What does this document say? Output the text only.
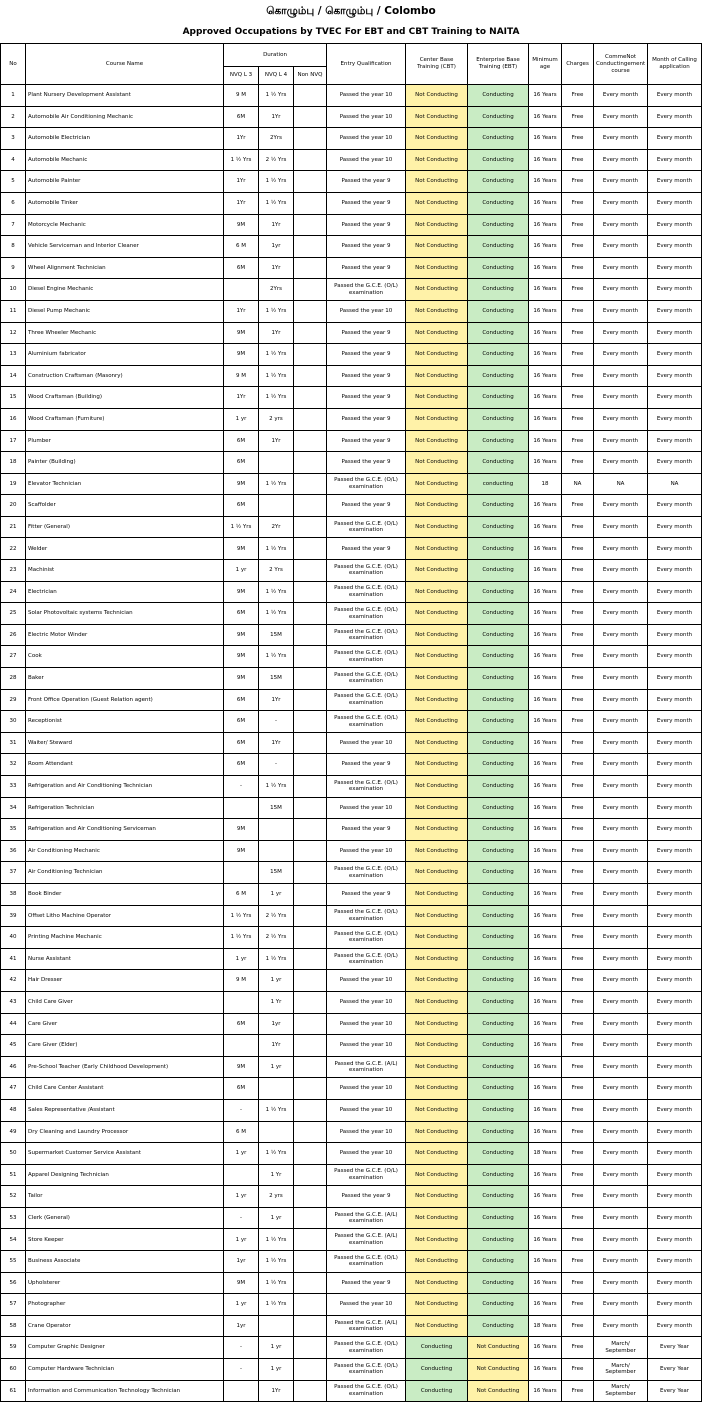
கொழும்பு / கொழும்பு / Colombo
Approved Occupations by TVEC For EBT and CBT Training to NAITA
No	Course Name	Duration			Entry Qualification	Center Base Training (CBT)	Enterprise Base Training (EBT)	Minimum age	Charges	CommeNot Conductingement course	Month of Calling application
		NVQ L 3	NVQ L 4	Non NVQ							
1	Plant Nursery Development Assistant	9 M	1 ½ Yrs		Passed the year 10	Not Conducting	Conducting	16 Years	Free	Every month	Every month
2	Automobile Air Conditioning Mechanic	6M	1Yr		Passed the year 10	Not Conducting	Conducting	16 Years	Free	Every month	Every month
3	Automobile Electrician	1Yr	2Yrs		Passed the year 10	Not Conducting	Conducting	16 Years	Free	Every month	Every month
4	Automobile Mechanic	1 ½ Yrs	2 ½ Yrs		Passed the year 10	Not Conducting	Conducting	16 Years	Free	Every month	Every month
5	Automobile Painter	1Yr	1 ½ Yrs		Passed the year 9	Not Conducting	Conducting	16 Years	Free	Every month	Every month
6	Automobile Tinker	1Yr	1 ½ Yrs		Passed the year 9	Not Conducting	Conducting	16 Years	Free	Every month	Every month
7	Motorcycle Mechanic	9M	1Yr		Passed the year 9	Not Conducting	Conducting	16 Years	Free	Every month	Every month
8	Vehicle Serviceman and Interior Cleaner	6 M	1yr		Passed the year 9	Not Conducting	Conducting	16 Years	Free	Every month	Every month
9	Wheel Alignment Technician	6M	1Yr		Passed the year 9	Not Conducting	Conducting	16 Years	Free	Every month	Every month
10	Diesel Engine Mechanic		2Yrs		Passed the G.C.E. (O/L) examination	Not Conducting	Conducting	16 Years	Free	Every month	Every month
11	Diesel Pump Mechanic	1Yr	1 ½ Yrs		Passed the year 10	Not Conducting	Conducting	16 Years	Free	Every month	Every month
12	Three Wheeler Mechanic	9M	1Yr		Passed the year 9	Not Conducting	Conducting	16 Years	Free	Every month	Every month
13	Aluminium fabricator	9M	1 ½ Yrs		Passed the year 9	Not Conducting	Conducting	16 Years	Free	Every month	Every month
14	Construction Craftsman (Masonry)	9 M	1 ½ Yrs		Passed the year 9	Not Conducting	Conducting	16 Years	Free	Every month	Every month
15	Wood Craftsman (Building)	1Yr	1 ½ Yrs		Passed the year 9	Not Conducting	Conducting	16 Years	Free	Every month	Every month
16	Wood Craftsman (Furniture)	1 yr	2 yrs		Passed the year 9	Not Conducting	Conducting	16 Years	Free	Every month	Every month
17	Plumber	6M	1Yr		Passed the year 9	Not Conducting	Conducting	16 Years	Free	Every month	Every month
18	Painter (Building)	6M			Passed the year 9	Not Conducting	Conducting	16 Years	Free	Every month	Every month
19	Elevator Technician	9M	1 ½ Yrs		Passed the G.C.E. (O/L) examination	Not Conducting	conducting	18	NA	NA	NA
20	Scaffolder	6M			Passed the year 9	Not Conducting	Conducting	16 Years	Free	Every month	Every month
21	Fitter (General)	1 ½ Yrs	2Yr		Passed the G.C.E. (O/L) examination	Not Conducting	Conducting	16 Years	Free	Every month	Every month
22	Welder	9M	1 ½ Yrs		Passed the year 9	Not Conducting	Conducting	16 Years	Free	Every month	Every month
23	Machinist	1 yr	2 Yrs		Passed the G.C.E. (O/L) examination	Not Conducting	Conducting	16 Years	Free	Every month	Every month
24	Electrician	9M	1 ½ Yrs		Passed the G.C.E. (O/L) examination	Not Conducting	Conducting	16 Years	Free	Every month	Every month
25	Solar Photovoltaic systems Technician	6M	1 ½ Yrs		Passed the G.C.E. (O/L) examination	Not Conducting	Conducting	16 Years	Free	Every month	Every month
26	Electric Motor Winder	9M	15M		Passed the G.C.E. (O/L) examination	Not Conducting	Conducting	16 Years	Free	Every month	Every month
27	Cook	9M	1 ½ Yrs		Passed the G.C.E. (O/L) examination	Not Conducting	Conducting	16 Years	Free	Every month	Every month
28	Baker	9M	15M		Passed the G.C.E. (O/L) examination	Not Conducting	Conducting	16 Years	Free	Every month	Every month
29	Front Office Operation (Guest Relation agent)	6M	1Yr		Passed the G.C.E. (O/L) examination	Not Conducting	Conducting	16 Years	Free	Every month	Every month
30	Receptionist	6M	-		Passed the G.C.E. (O/L) examination	Not Conducting	Conducting	16 Years	Free	Every month	Every month
31	Waiter/ Steward	6M	1Yr		Passed the year 10	Not Conducting	Conducting	16 Years	Free	Every month	Every month
32	Room Attendant	6M	-		Passed the year 9	Not Conducting	Conducting	16 Years	Free	Every month	Every month
33	Refrigeration and Air Conditioning Technician	-	1 ½ Yrs		Passed the G.C.E. (O/L) examination	Not Conducting	Conducting	16 Years	Free	Every month	Every month
34	Refrigeration Technician		15M		Passed the year 10	Not Conducting	Conducting	16 Years	Free	Every month	Every month
35	Refrigeration and Air Conditioning Serviceman	9M			Passed the year 9	Not Conducting	Conducting	16 Years	Free	Every month	Every month
36	Air Conditioning Mechanic	9M			Passed the year 10	Not Conducting	Conducting	16 Years	Free	Every month	Every month
37	Air Conditioning Technician		15M		Passed the G.C.E. (O/L) examination	Not Conducting	Conducting	16 Years	Free	Every month	Every month
38	Book Binder	6 M	1 yr		Passed the year 9	Not Conducting	Conducting	16 Years	Free	Every month	Every month
39	Offset Litho Machine Operator	1 ½ Yrs	2 ½ Yrs		Passed the G.C.E. (O/L) examination	Not Conducting	Conducting	16 Years	Free	Every month	Every month
40	Printing Machine Mechanic	1 ½ Yrs	2 ½ Yrs		Passed the G.C.E. (O/L) examination	Not Conducting	Conducting	16 Years	Free	Every month	Every month
41	Nurse Assistant	1 yr	1 ½ Yrs		Passed the G.C.E. (O/L) examination	Not Conducting	Conducting	16 Years	Free	Every month	Every month
42	Hair Dresser	9 M	1 yr		Passed the year 10	Not Conducting	Conducting	16 Years	Free	Every month	Every month
43	Child Care Giver		1 Yr		Passed the year 10	Not Conducting	Conducting	16 Years	Free	Every month	Every month
44	Care Giver	6M	1yr		Passed the year 10	Not Conducting	Conducting	16 Years	Free	Every month	Every month
45	Care Giver (Elder)		1Yr		Passed the year 10	Not Conducting	Conducting	16 Years	Free	Every month	Every month
46	Pre-School Teacher (Early Childhood Development)	9M	1 yr		Passed the G.C.E. (A/L) examination	Not Conducting	Conducting	16 Years	Free	Every month	Every month
47	Child Care Center Assistant	6M			Passed the year 10	Not Conducting	Conducting	16 Years	Free	Every month	Every month
48	Sales Representative /Assistant	-	1 ½ Yrs		Passed the year 10	Not Conducting	Conducting	16 Years	Free	Every month	Every month
49	Dry Cleaning and Laundry Processor	6 M			Passed the year 10	Not Conducting	Conducting	16 Years	Free	Every month	Every month
50	Supermarket Customer Service Assistant	1 yr	1 ½ Yrs		Passed the year 10	Not Conducting	Conducting	18 Years	Free	Every month	Every month
51	Apparel Designing Technician		1 Yr		Passed the G.C.E. (O/L) examination	Not Conducting	Conducting	16 Years	Free	Every month	Every month
52	Tailor	1 yr	2 yrs		Passed the year 9	Not Conducting	Conducting	16 Years	Free	Every month	Every month
53	Clerk (General)	-	1 yr		Passed the G.C.E. (A/L) examination	Not Conducting	Conducting	16 Years	Free	Every month	Every month
54	Store Keeper	1 yr	1 ½ Yrs		Passed the G.C.E. (A/L) examination	Not Conducting	Conducting	16 Years	Free	Every month	Every month
55	Business Associate	1yr	1 ½ Yrs		Passed the G.C.E. (O/L) examination	Not Conducting	Conducting	16 Years	Free	Every month	Every month
56	Upholsterer	9M	1 ½ Yrs		Passed the year 9	Not Conducting	Conducting	16 Years	Free	Every month	Every month
57	Photographer	1 yr	1 ½ Yrs		Passed the year 10	Not Conducting	Conducting	16 Years	Free	Every month	Every month
58	Crane Operator	1yr			Passed the G.C.E. (A/L) examination	Not Conducting	Conducting	18 Years	Free	Every month	Every month
59	Computer Graphic Designer	-	1 yr		Passed the G.C.E. (O/L) examination	Conducting	Not Conducting	16 Years	Free	March/ September	Every Year
60	Computer Hardware Technician	-	1 yr		Passed the G.C.E. (O/L) examination	Conducting	Not Conducting	16 Years	Free	March/ September	Every Year
61	Information and Communication Technology Technician		1Yr		Passed the G.C.E. (O/L) examination	Conducting	Not Conducting	16 Years	Free	March/ September	Every Year
